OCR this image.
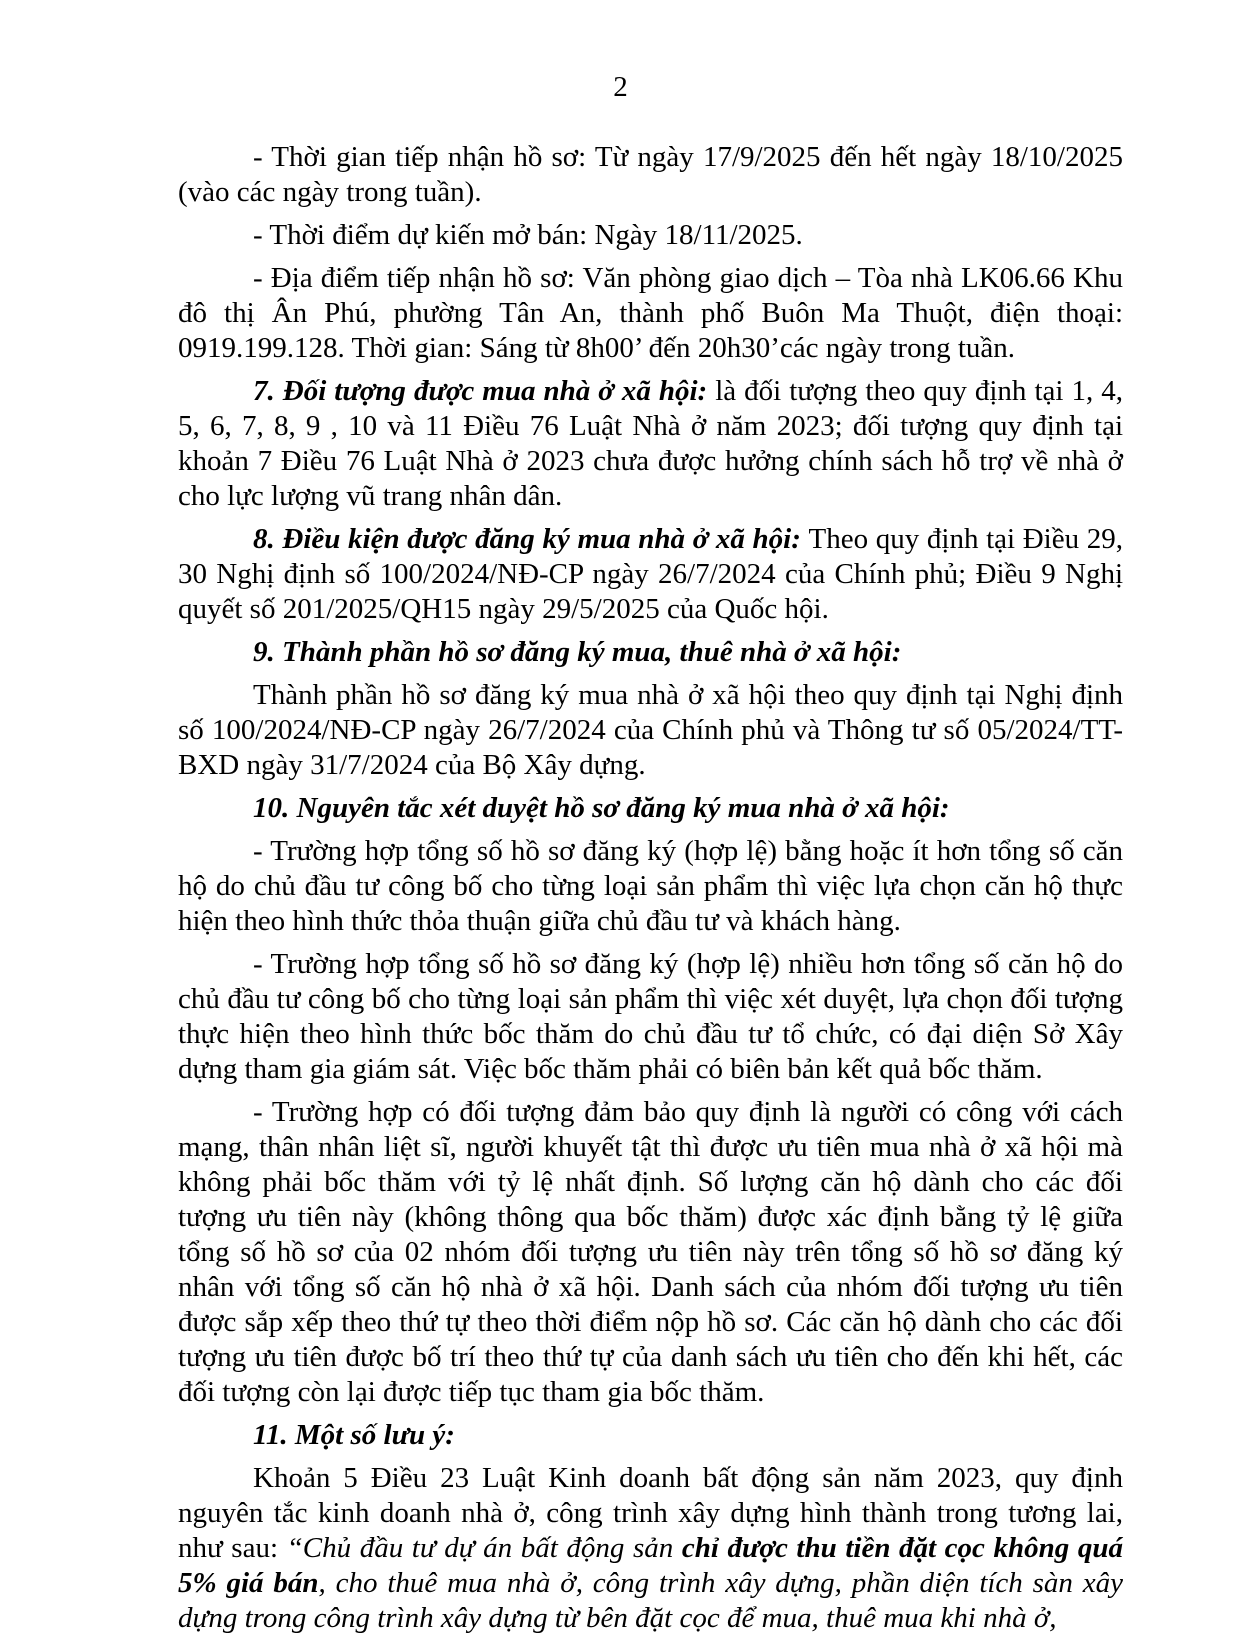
2

- Thời gian tiếp nhận hồ sơ: Từ ngày 17/9/2025 đến hết ngày 18/10/2025 (vào các ngày trong tuần).

- Thời điểm dự kiến mở bán: Ngày 18/11/2025.

- Địa điểm tiếp nhận hồ sơ: Văn phòng giao dịch – Tòa nhà LK06.66 Khu đô thị Ân Phú, phường Tân An, thành phố Buôn Ma Thuột, điện thoại: 0919.199.128. Thời gian: Sáng từ 8h00’ đến 20h30’các ngày trong tuần.

7. Đối tượng được mua nhà ở xã hội: là đối tượng theo quy định tại 1, 4, 5, 6, 7, 8, 9 , 10 và 11 Điều 76 Luật Nhà ở năm 2023; đối tượng quy định tại khoản 7 Điều 76 Luật Nhà ở 2023 chưa được hưởng chính sách hỗ trợ về nhà ở cho lực lượng vũ trang nhân dân.

8. Điều kiện được đăng ký mua nhà ở xã hội: Theo quy định tại Điều 29, 30 Nghị định số 100/2024/NĐ-CP ngày 26/7/2024 của Chính phủ; Điều 9 Nghị quyết số 201/2025/QH15 ngày 29/5/2025 của Quốc hội.

9. Thành phần hồ sơ đăng ký mua, thuê nhà ở xã hội:

Thành phần hồ sơ đăng ký mua nhà ở xã hội theo quy định tại Nghị định số 100/2024/NĐ-CP ngày 26/7/2024 của Chính phủ và Thông tư số 05/2024/TT-BXD ngày 31/7/2024 của Bộ Xây dựng.

10. Nguyên tắc xét duyệt hồ sơ đăng ký mua nhà ở xã hội:

- Trường hợp tổng số hồ sơ đăng ký (hợp lệ) bằng hoặc ít hơn tổng số căn hộ do chủ đầu tư công bố cho từng loại sản phẩm thì việc lựa chọn căn hộ thực hiện theo hình thức thỏa thuận giữa chủ đầu tư và khách hàng.

- Trường hợp tổng số hồ sơ đăng ký (hợp lệ) nhiều hơn tổng số căn hộ do chủ đầu tư công bố cho từng loại sản phẩm thì việc xét duyệt, lựa chọn đối tượng thực hiện theo hình thức bốc thăm do chủ đầu tư tổ chức, có đại diện Sở Xây dựng tham gia giám sát. Việc bốc thăm phải có biên bản kết quả bốc thăm.

- Trường hợp có đối tượng đảm bảo quy định là người có công với cách mạng, thân nhân liệt sĩ, người khuyết tật thì được ưu tiên mua nhà ở xã hội mà không phải bốc thăm với tỷ lệ nhất định. Số lượng căn hộ dành cho các đối tượng ưu tiên này (không thông qua bốc thăm) được xác định bằng tỷ lệ giữa tổng số hồ sơ của 02 nhóm đối tượng ưu tiên này trên tổng số hồ sơ đăng ký nhân với tổng số căn hộ nhà ở xã hội. Danh sách của nhóm đối tượng ưu tiên được sắp xếp theo thứ tự theo thời điểm nộp hồ sơ. Các căn hộ dành cho các đối tượng ưu tiên được bố trí theo thứ tự của danh sách ưu tiên cho đến khi hết, các đối tượng còn lại được tiếp tục tham gia bốc thăm.

11. Một số lưu ý:

Khoản 5 Điều 23 Luật Kinh doanh bất động sản năm 2023, quy định nguyên tắc kinh doanh nhà ở, công trình xây dựng hình thành trong tương lai, như sau: “Chủ đầu tư dự án bất động sản chỉ được thu tiền đặt cọc không quá 5% giá bán, cho thuê mua nhà ở, công trình xây dựng, phần diện tích sàn xây dựng trong công trình xây dựng từ bên đặt cọc để mua, thuê mua khi nhà ở,
